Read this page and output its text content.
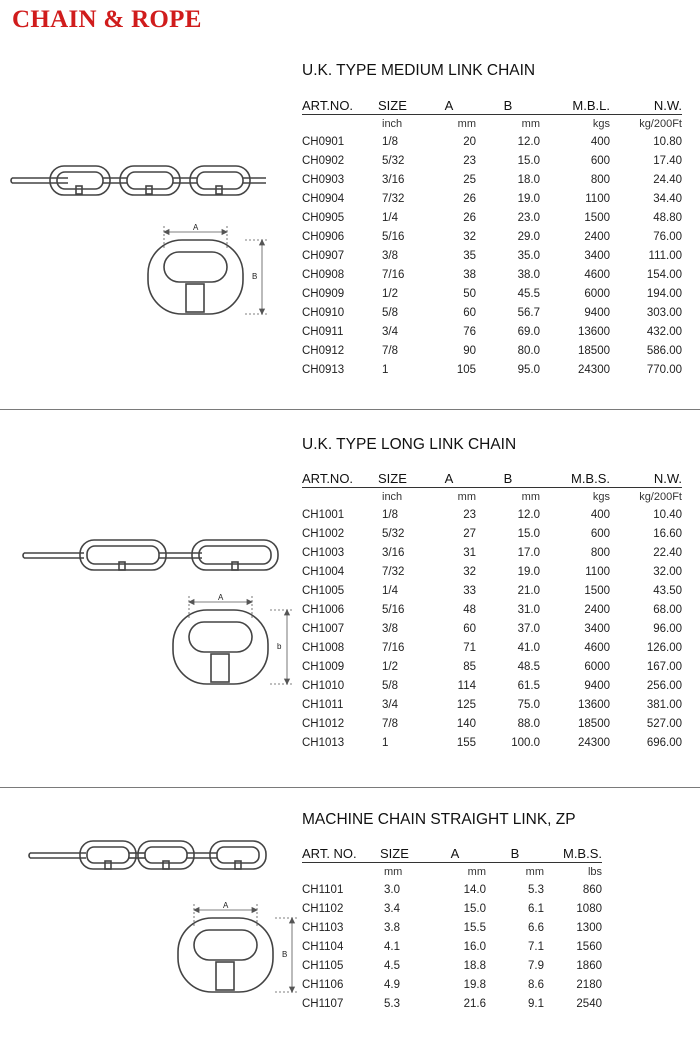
CHAIN & ROPE
U.K. TYPE MEDIUM LINK CHAIN
A
B
ART.NO.	SIZE	A	B	M.B.L.	N.W.
	inch	mm	mm	kgs	kg/200Ft
CH0901	1/8	20	12.0	400	10.80
CH0902	5/32	23	15.0	600	17.40
CH0903	3/16	25	18.0	800	24.40
CH0904	7/32	26	19.0	1100	34.40
CH0905	1/4	26	23.0	1500	48.80
CH0906	5/16	32	29.0	2400	76.00
CH0907	3/8	35	35.0	3400	111.00
CH0908	7/16	38	38.0	4600	154.00
CH0909	1/2	50	45.5	6000	194.00
CH0910	5/8	60	56.7	9400	303.00
CH0911	3/4	76	69.0	13600	432.00
CH0912	7/8	90	80.0	18500	586.00
CH0913	1	105	95.0	24300	770.00
U.K. TYPE LONG LINK CHAIN
A
b
ART.NO.	SIZE	A	B	M.B.S.	N.W.
	inch	mm	mm	kgs	kg/200Ft
CH1001	1/8	23	12.0	400	10.40
CH1002	5/32	27	15.0	600	16.60
CH1003	3/16	31	17.0	800	22.40
CH1004	7/32	32	19.0	1100	32.00
CH1005	1/4	33	21.0	1500	43.50
CH1006	5/16	48	31.0	2400	68.00
CH1007	3/8	60	37.0	3400	96.00
CH1008	7/16	71	41.0	4600	126.00
CH1009	1/2	85	48.5	6000	167.00
CH1010	5/8	114	61.5	9400	256.00
CH1011	3/4	125	75.0	13600	381.00
CH1012	7/8	140	88.0	18500	527.00
CH1013	1	155	100.0	24300	696.00
MACHINE CHAIN STRAIGHT LINK, ZP
A
B
ART. NO.	SIZE	A	B	M.B.S.
	mm	mm	mm	lbs
CH1101	3.0	14.0	5.3	860
CH1102	3.4	15.0	6.1	1080
CH1103	3.8	15.5	6.6	1300
CH1104	4.1	16.0	7.1	1560
CH1105	4.5	18.8	7.9	1860
CH1106	4.9	19.8	8.6	2180
CH1107	5.3	21.6	9.1	2540
